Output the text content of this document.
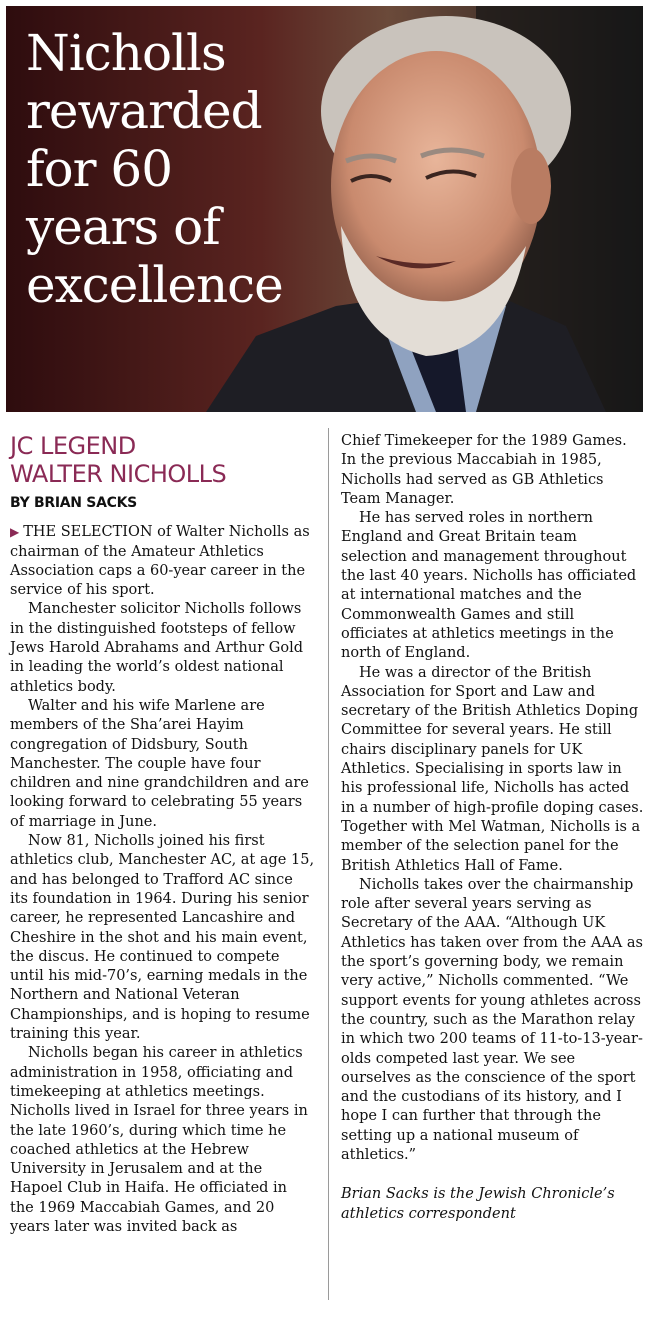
Nicholls
rewarded
for 60
years of
excellence
JC LEGEND
WALTER NICHOLLS
BY BRIAN SACKS

▶ THE SELECTION of Walter Nicholls as chairman of the Amateur Athletics Association caps a 60-year career in the service of his sport.

Manchester solicitor Nicholls follows in the distinguished footsteps of fellow Jews Harold Abrahams and Arthur Gold in leading the world’s oldest national athletics body.

Walter and his wife Marlene are members of the Sha’arei Hayim congregation of Didsbury, South Manchester. The couple have four children and nine grandchildren and are looking forward to celebrating 55 years of marriage in June.

Now 81, Nicholls joined his first athletics club, Manchester AC, at age 15, and has belonged to Trafford AC since its foundation in 1964. During his senior career, he represented Lancashire and Cheshire in the shot and his main event, the discus. He continued to compete until his mid-70’s, earning medals in the Northern and National Veteran Championships, and is hoping to resume training this year.

Nicholls began his career in athletics administration in 1958, officiating and timekeeping at athletics meetings. Nicholls lived in Israel for three years in the late 1960’s, during which time he coached athletics at the Hebrew University in Jerusalem and at the Hapoel Club in Haifa. He officiated in the 1969 Maccabiah Games, and 20 years later was invited back as

Chief Timekeeper for the 1989 Games. In the previous Maccabiah in 1985, Nicholls had served as GB Athletics Team Manager.

He has served roles in northern England and Great Britain team selection and management throughout the last 40 years. Nicholls has officiated at international matches and the Commonwealth Games and still officiates at athletics meetings in the north of England.

He was a director of the British Association for Sport and Law and secretary of the British Athletics Doping Committee for several years. He still chairs disciplinary panels for UK Athletics. Specialising in sports law in his professional life, Nicholls has acted in a number of high-profile doping cases. Together with Mel Watman, Nicholls is a member of the selection panel for the British Athletics Hall of Fame.

Nicholls takes over the chairmanship role after several years serving as Secretary of the AAA. “Although UK Athletics has taken over from the AAA as the sport’s governing body, we remain very active,” Nicholls commented. “We support events for young athletes across the country, such as the Marathon relay in which two 200 teams of 11-to-13-year-olds competed last year. We see ourselves as the conscience of the sport and the custodians of its history, and I hope I can further that through the setting up a national museum of athletics.”

Brian Sacks is the Jewish Chronicle’s athletics correspondent
